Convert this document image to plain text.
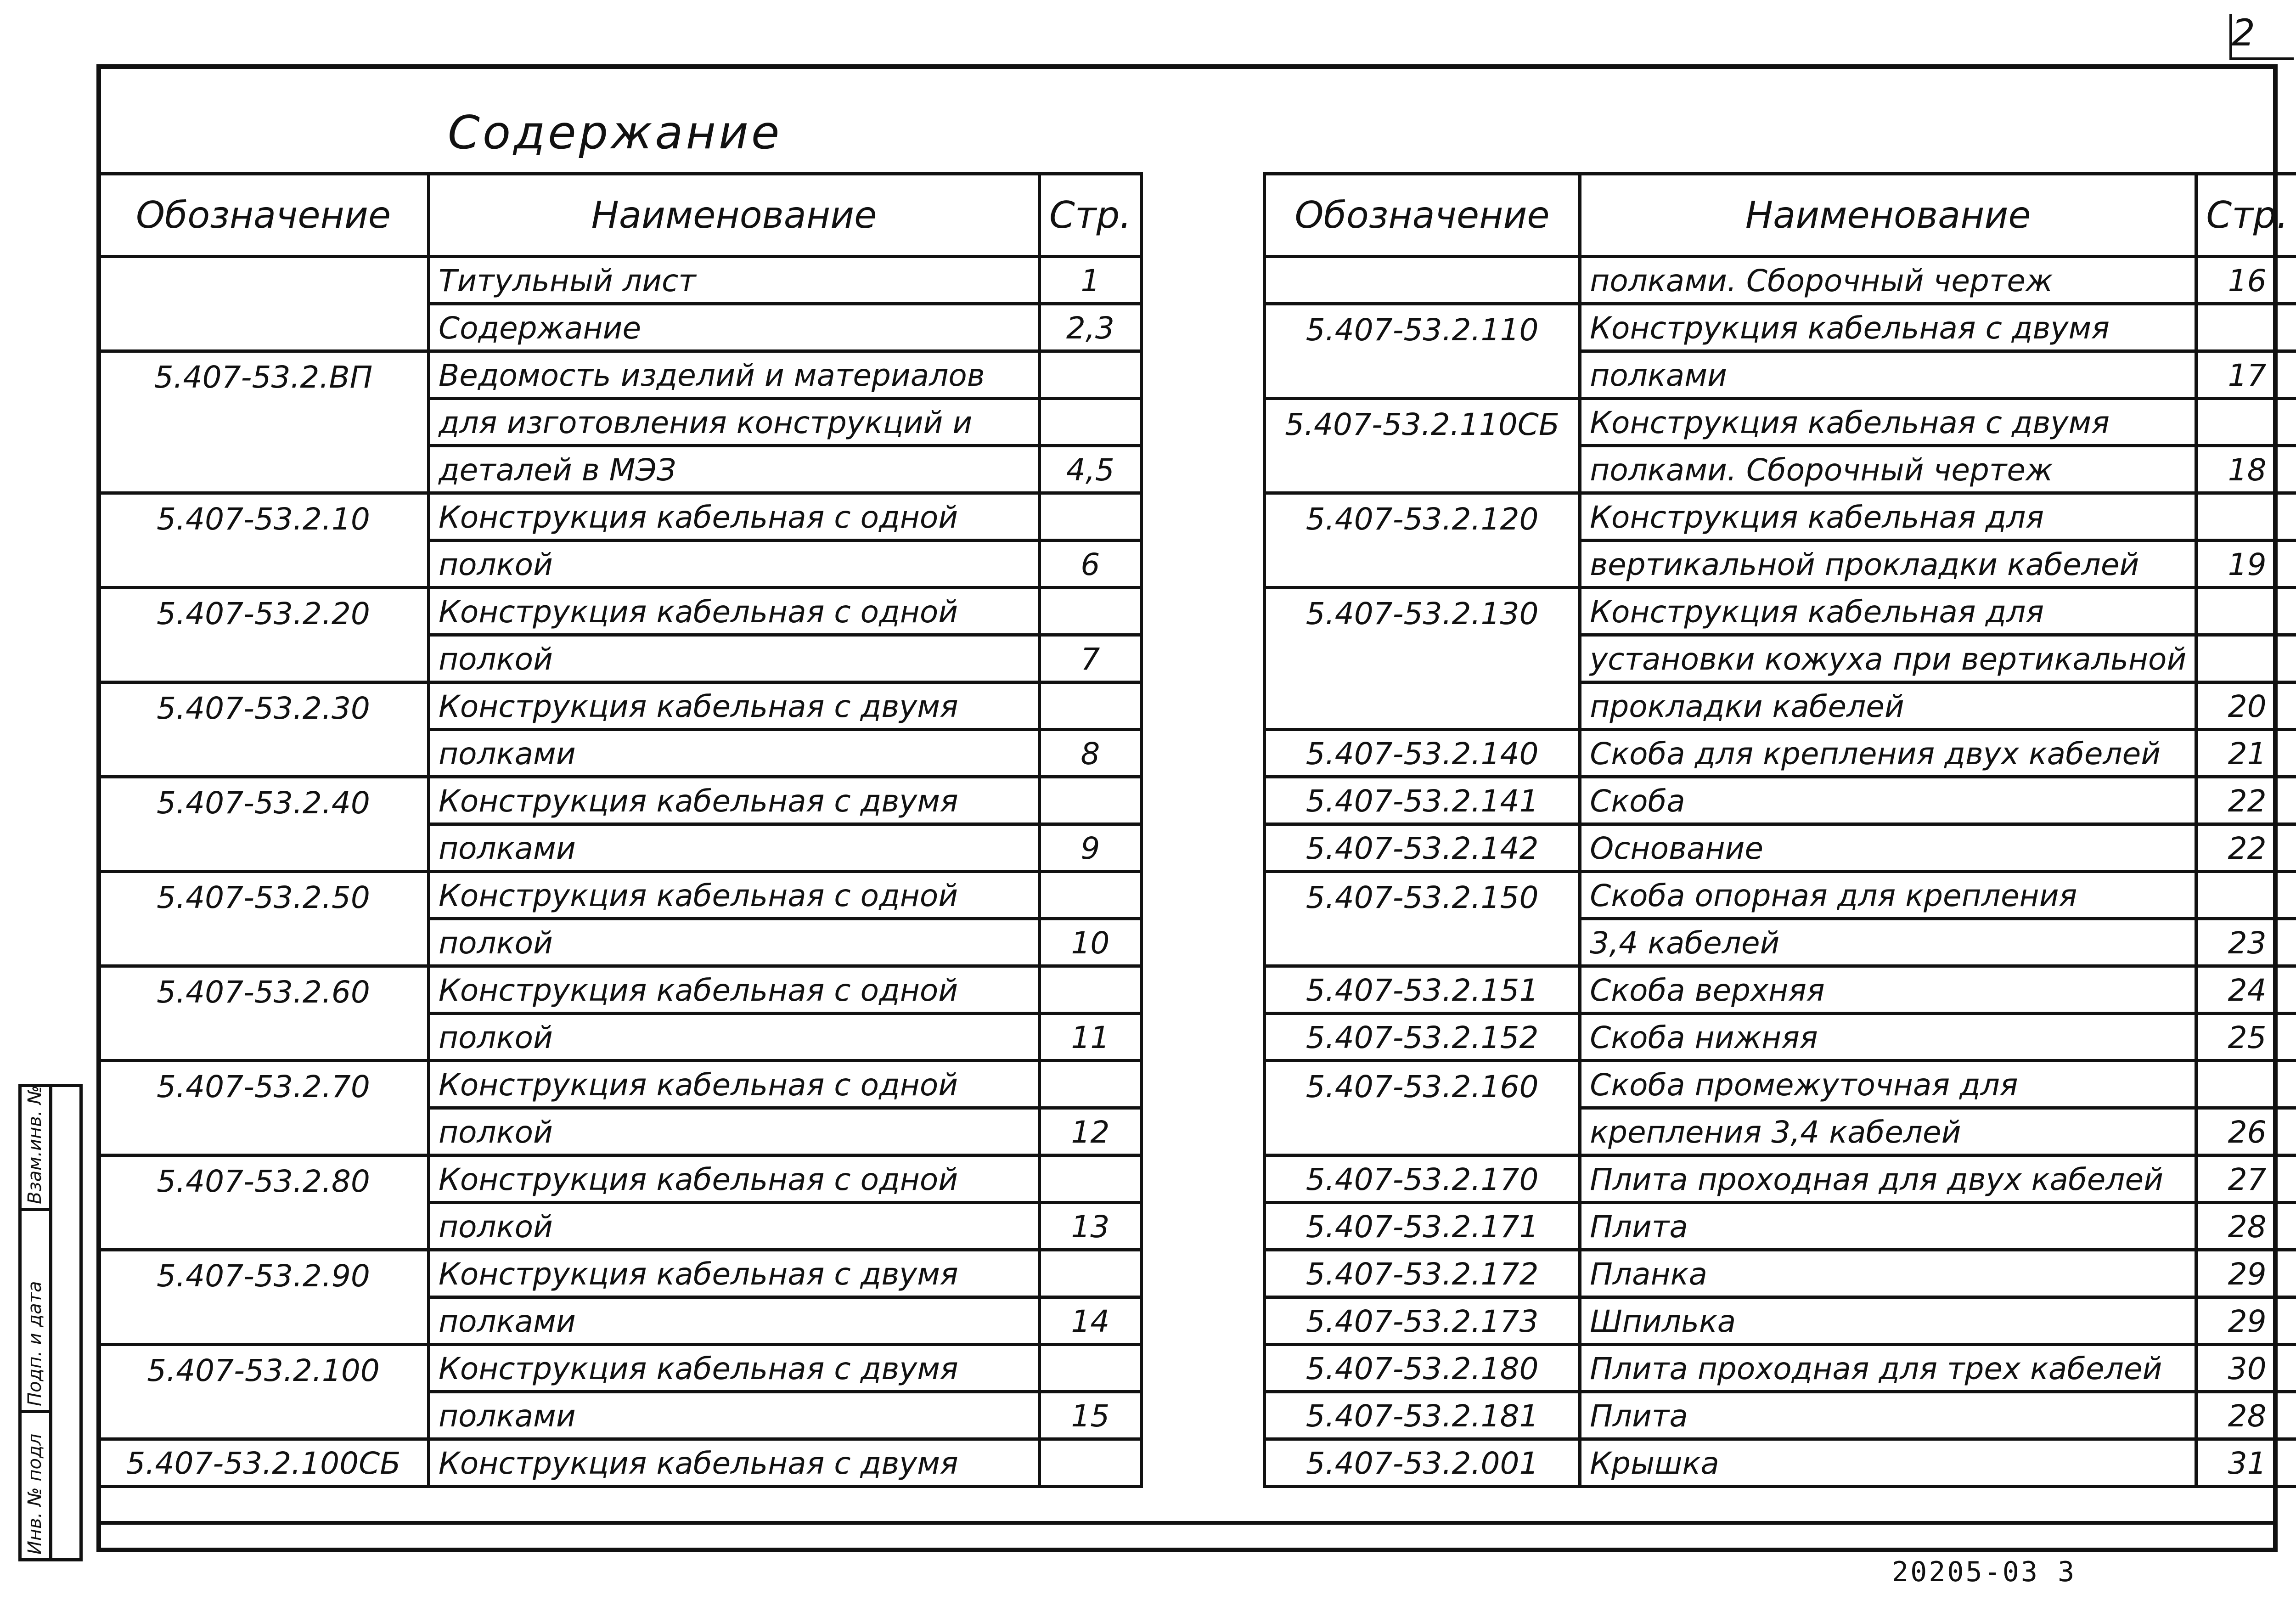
2
Содержание
Обозначение	Наименование	Стр.
	Титульный лист	1
	Содержание	2,3
5.407-53.2.ВП	Ведомость изделий и материалов	
	для изготовления конструкций и	
	деталей в МЭЗ	4,5
5.407-53.2.10	Конструкция кабельная с одной	
	полкой	6
5.407-53.2.20	Конструкция кабельная с одной	
	полкой	7
5.407-53.2.30	Конструкция кабельная с двумя	
	полками	8
5.407-53.2.40	Конструкция кабельная с двумя	
	полками	9
5.407-53.2.50	Конструкция кабельная с одной	
	полкой	10
5.407-53.2.60	Конструкция кабельная с одной	
	полкой	11
5.407-53.2.70	Конструкция кабельная с одной	
	полкой	12
5.407-53.2.80	Конструкция кабельная с одной	
	полкой	13
5.407-53.2.90	Конструкция кабельная с двумя	
	полками	14
5.407-53.2.100	Конструкция кабельная с двумя	
	полками	15
5.407-53.2.100СБ	Конструкция кабельная с двумя	
Обозначение	Наименование	Стр.
	полками. Сборочный чертеж	16
5.407-53.2.110	Конструкция кабельная с двумя	
	полками	17
5.407-53.2.110СБ	Конструкция кабельная с двумя	
	полками. Сборочный чертеж	18
5.407-53.2.120	Конструкция кабельная для	
	вертикальной прокладки кабелей	19
5.407-53.2.130	Конструкция кабельная для	
	установки кожуха при вертикальной	
	прокладки кабелей	20
5.407-53.2.140	Скоба для крепления двух кабелей	21
5.407-53.2.141	Скоба	22
5.407-53.2.142	Основание	22
5.407-53.2.150	Скоба опорная для крепления	
	3,4 кабелей	23
5.407-53.2.151	Скоба верхняя	24
5.407-53.2.152	Скоба нижняя	25
5.407-53.2.160	Скоба промежуточная для	
	крепления 3,4 кабелей	26
5.407-53.2.170	Плита проходная для двух кабелей	27
5.407-53.2.171	Плита	28
5.407-53.2.172	Планка	29
5.407-53.2.173	Шпилька	29
5.407-53.2.180	Плита проходная для трех кабелей	30
5.407-53.2.181	Плита	28
5.407-53.2.001	Крышка	31
Взам.инв. №
Подп. и дата
Инв. № подл
20205-03 3
